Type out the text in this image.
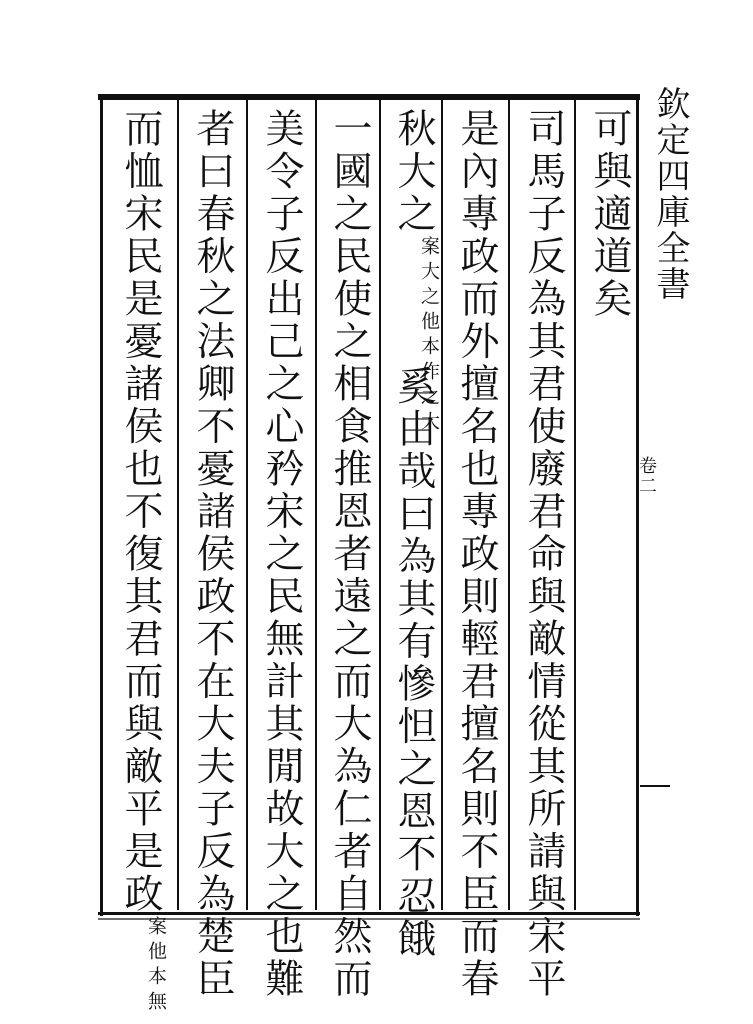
欽定四庫全書
卷二
可與適道矣
司馬子反為其君使廢君命與敵情從其所請與宋平
是內專政而外擅名也專政則輕君擅名則不臣而春
秋大之案大之他本作之大奚由哉曰為其有慘怛之恩不忍餓
一國之民使之相食推恩者遠之而大為仁者自然而
美令子反出己之心矜宋之民無計其閒故大之也難
者曰春秋之法卿不憂諸侯政不在大夫子反為楚臣
而恤宋民是憂諸侯也不復其君而與敵平是政案他本無
